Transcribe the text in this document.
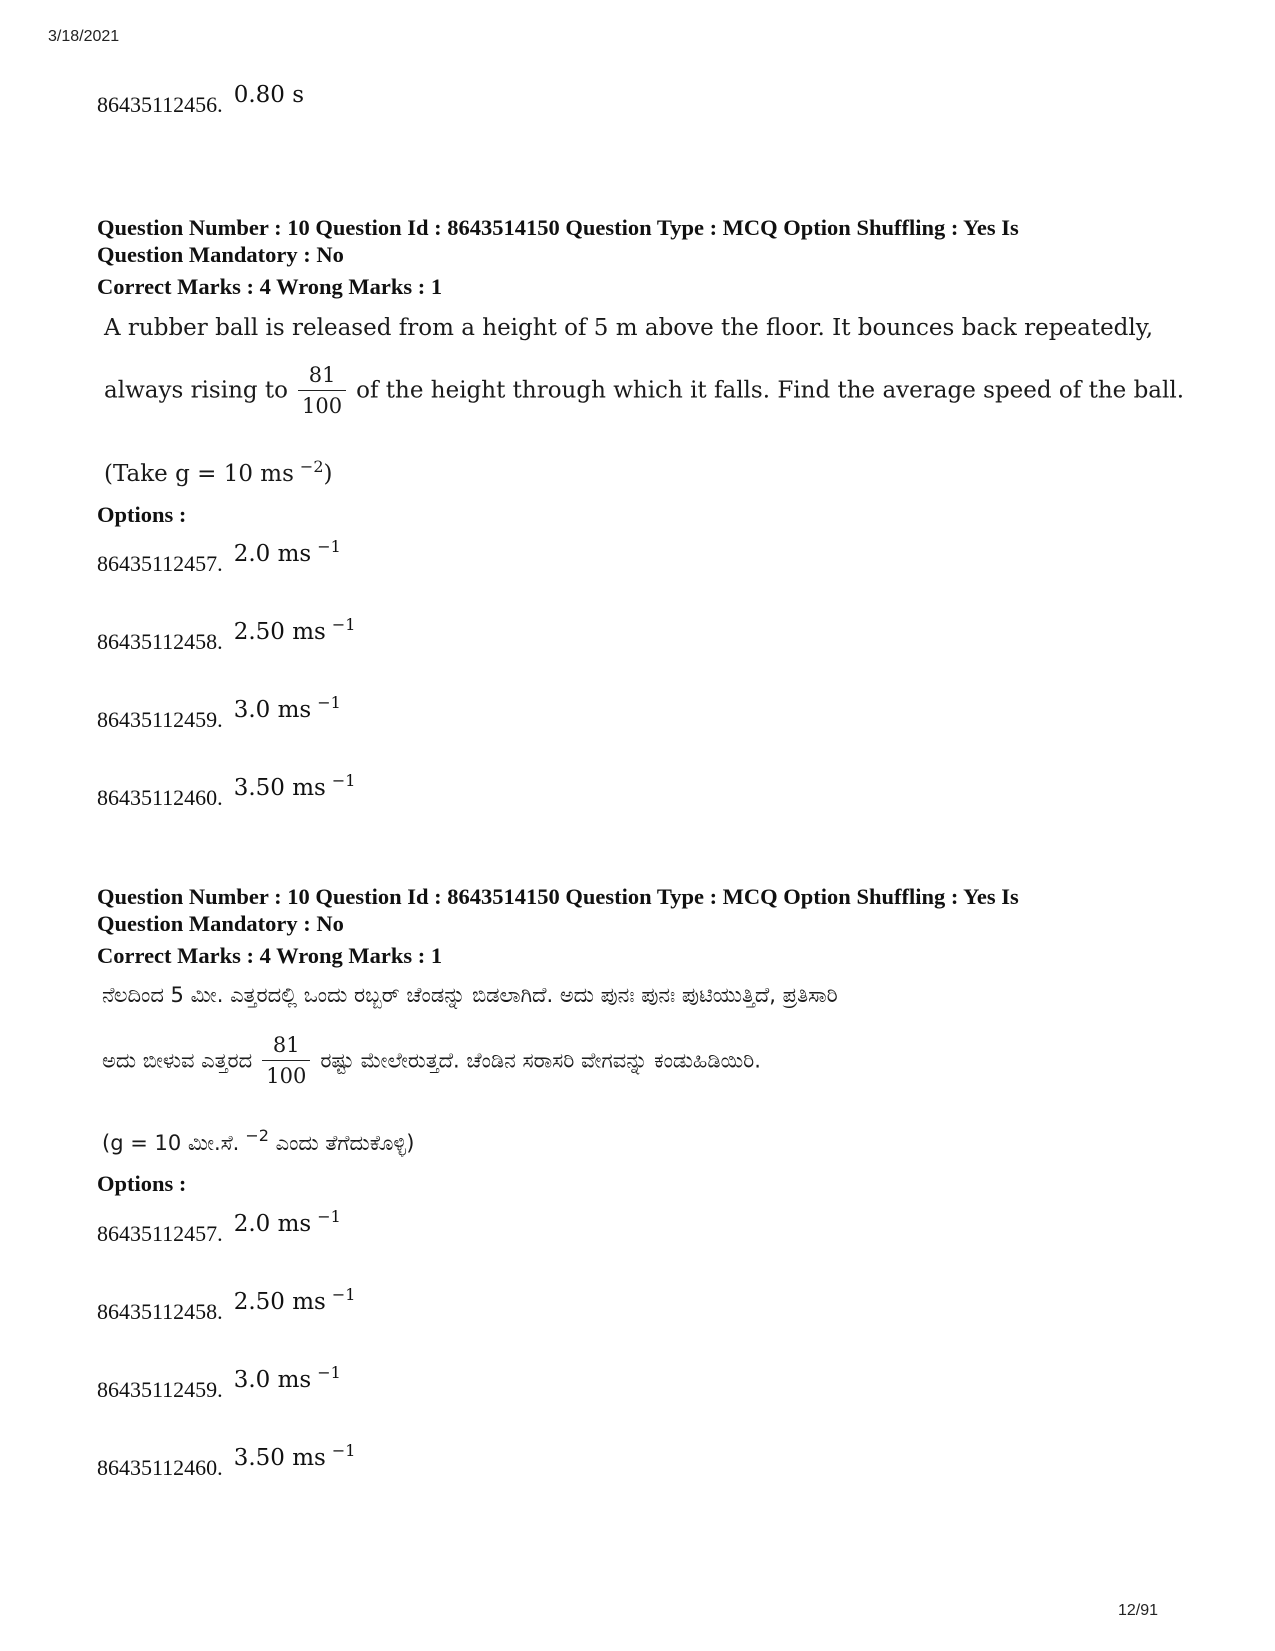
3/18/2021
86435112456. 0.80 s
Question Number : 10 Question Id : 8643514150 Question Type : MCQ Option Shuffling : Yes Is
Question Mandatory : No
Correct Marks : 4 Wrong Marks : 1
A rubber ball is released from a height of 5 m above the floor. It bounces back repeatedly,
always rising to $\frac{81}{100}$ of the height through which it falls. Find the average speed of the ball.
(Take g = 10 ms $^{-2}$)
Options :
86435112457. 2.0 ms $^{-1}$
86435112458. 2.50 ms $^{-1}$
86435112459. 3.0 ms $^{-1}$
86435112460. 3.50 ms $^{-1}$
Question Number : 10 Question Id : 8643514150 Question Type : MCQ Option Shuffling : Yes Is
Question Mandatory : No
Correct Marks : 4 Wrong Marks : 1
ನೆಲದಿಂದ 5 ಮೀ. ಎತ್ತರದಲ್ಲಿ ಒಂದು ರಬ್ಬರ್ ಚೆಂಡನ್ನು ಬಿಡಲಾಗಿದೆ. ಅದು ಪುನಃ ಪುನಃ ಪುಟಿಯುತ್ತಿದೆ, ಪ್ರತಿಸಾರಿ
ಅದು ಬೀಳುವ ಎತ್ತರದ $\frac{81}{100}$ ರಷ್ಟು ಮೇಲೇರುತ್ತದೆ. ಚೆಂಡಿನ ಸರಾಸರಿ ವೇಗವನ್ನು ಕಂಡುಹಿಡಿಯಿರಿ.
(g = 10 ಮೀ.ಸೆ. $^{-2}$ ಎಂದು ತೆಗೆದುಕೊಳ್ಳಿ)
Options :
86435112457. 2.0 ms $^{-1}$
86435112458. 2.50 ms $^{-1}$
86435112459. 3.0 ms $^{-1}$
86435112460. 3.50 ms $^{-1}$
12/91
